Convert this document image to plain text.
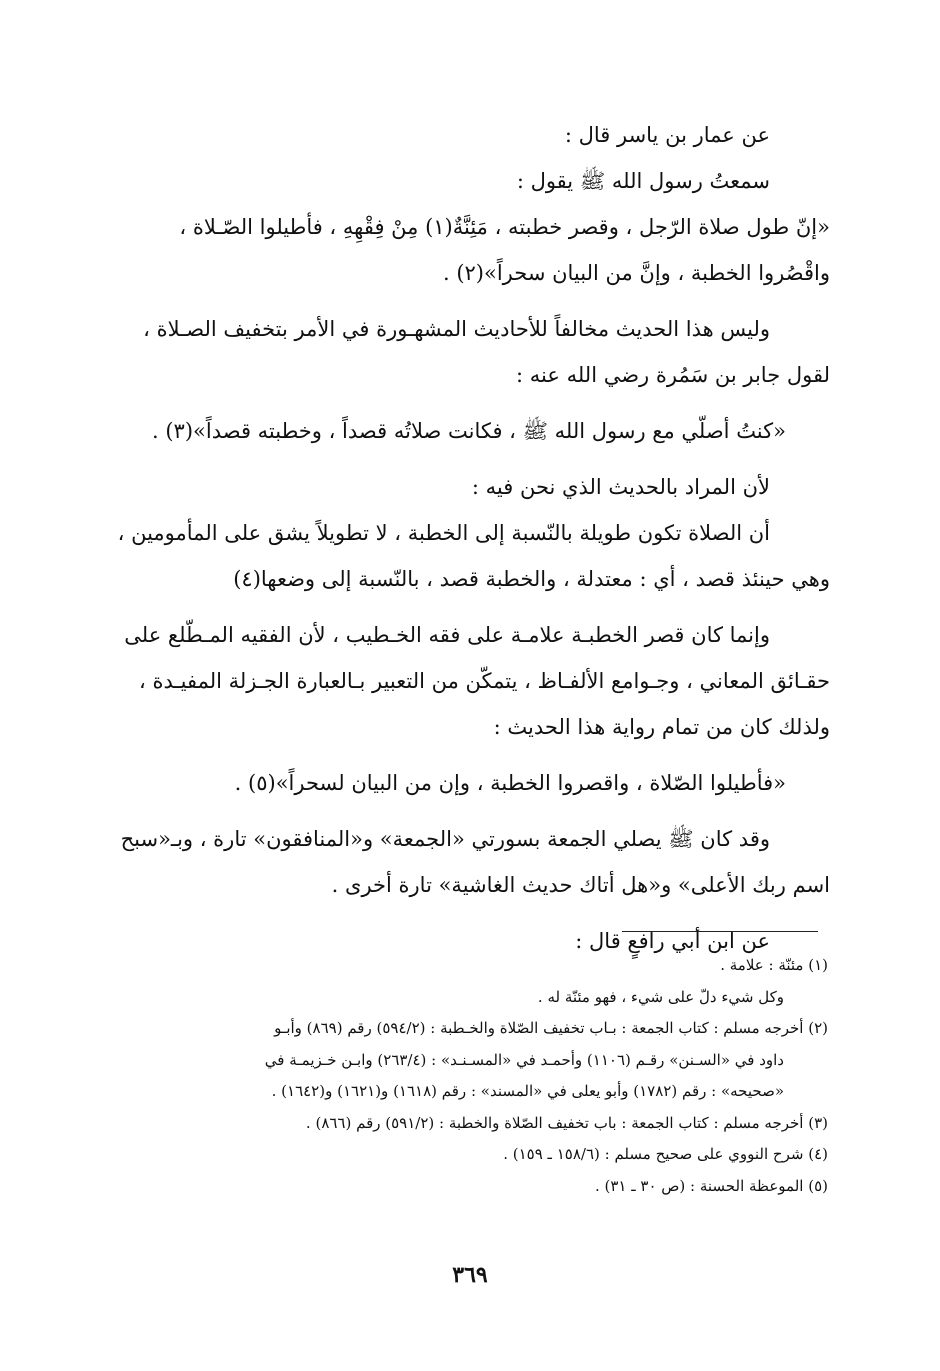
عن عمار بن ياسر قال :
سمعتُ رسول الله ﷺ يقول :
«إنّ طول صلاة الرّجل ، وقصر خطبته ، مَئِنَّةٌ(١) مِنْ فِقْهِهِ ، فأطيلوا الصّـلاة ،
واقْصُروا الخطبة ، وإنَّ من البيان سحراً»(٢) .
وليس هذا الحديث مخالفاً للأحاديث المشهـورة في الأمر بتخفيف الصـلاة ،
لقول جابر بن سَمُرة رضي الله عنه :
«كنتُ أصلّي مع رسول الله ﷺ ، فكانت صلاتُه قصداً ، وخطبته قصداً»(٣) .
لأن المراد بالحديث الذي نحن فيه :
أن الصلاة تكون طويلة بالنّسبة إلى الخطبة ، لا تطويلاً يشق على المأمومين ،
وهي حينئذ قصد ، أي : معتدلة ، والخطبة قصد ، بالنّسبة إلى وضعها(٤)
وإنما كان قصر الخطبـة علامـة على فقه الخـطيب ، لأن الفقيه المـطّلع على
حقـائق المعاني ، وجـوامع الألفـاظ ، يتمكّن من التعبير بـالعبارة الجـزلة المفيـدة ،
ولذلك كان من تمام رواية هذا الحديث :
«فأطيلوا الصّلاة ، واقصروا الخطبة ، وإن من البيان لسحراً»(٥) .
وقد كان ﷺ يصلي الجمعة بسورتي «الجمعة» و«المنافقون» تارة ، وبـ«سبح
اسم ربك الأعلى» و«هل أتاك حديث الغاشية» تارة أخرى .
عن ابن أبي رافعٍ قال :
(١) مئنّة : علامة .
وكل شيء دلّ على شيء ، فهو مئنّة له .
(٢) أخرجه مسلم : كتاب الجمعة : بـاب تخفيف الصّلاة والخـطبة : (٥٩٤/٢) رقم (٨٦٩) وأبـو
داود في «السـنن» رقـم (١١٠٦) وأحمـد في «المسـنـد» : (٢٦٣/٤) وابـن خـزيمـة في
«صحيحه» : رقم (١٧٨٢) وأبو يعلى في «المسند» : رقم (١٦١٨) و(١٦٢١) و(١٦٤٢) .
(٣) أخرجه مسلم : كتاب الجمعة : باب تخفيف الصّلاة والخطبة : (٥٩١/٢) رقم (٨٦٦) .
(٤) شرح النووي على صحيح مسلم : (١٥٨/٦ ـ ١٥٩) .
(٥) الموعظة الحسنة : (ص ٣٠ ـ ٣١) .
٣٦٩
